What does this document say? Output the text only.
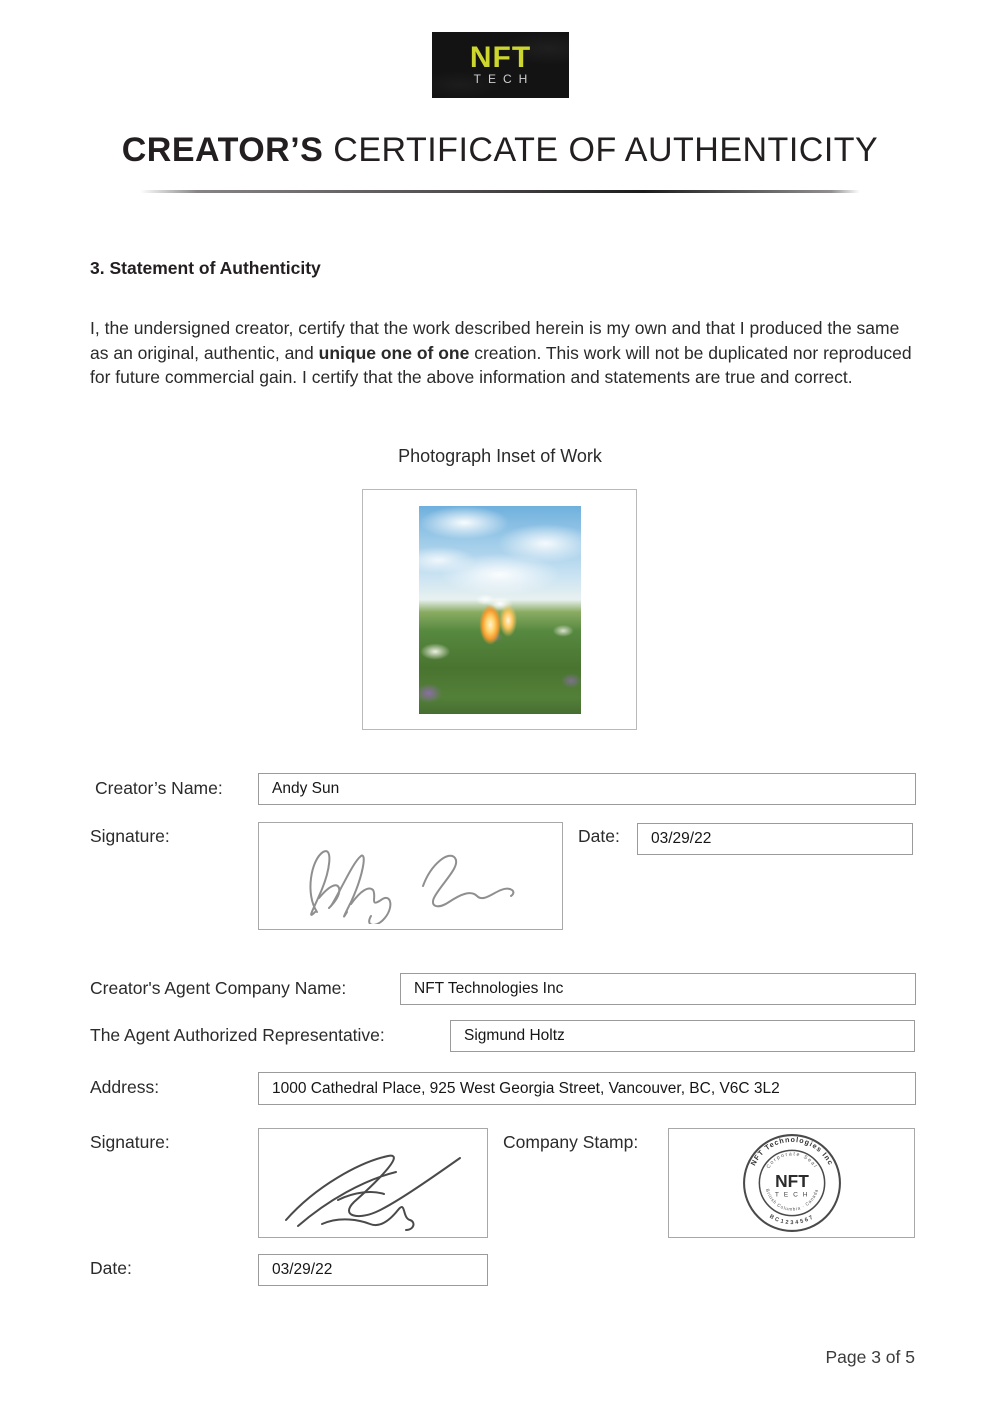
NFT
TECH
CREATOR’S CERTIFICATE OF AUTHENTICITY
3. Statement of Authenticity
I, the undersigned creator, certify that the work described herein is my own and that I produced the same as an original, authentic, and unique one of one creation. This work will not be duplicated nor reproduced for future commercial gain. I certify that the above information and statements are true and correct.
Photograph Inset of Work
Creator’s Name:	Andy Sun
Signature:	Date: 03/29/22
Creator's Agent Company Name:	NFT Technologies Inc
The Agent Authorized Representative:	Sigmund Holtz
Address:	1000 Cathedral Place, 925 West Georgia Street, Vancouver, BC, V6C 3L2
Signature:	Company Stamp:
NFT Technologies Inc
Corporate Seal
NFT
T E C H
British Columbia · Canada
BC1234567
Date:	03/29/22
Page 3 of 5
